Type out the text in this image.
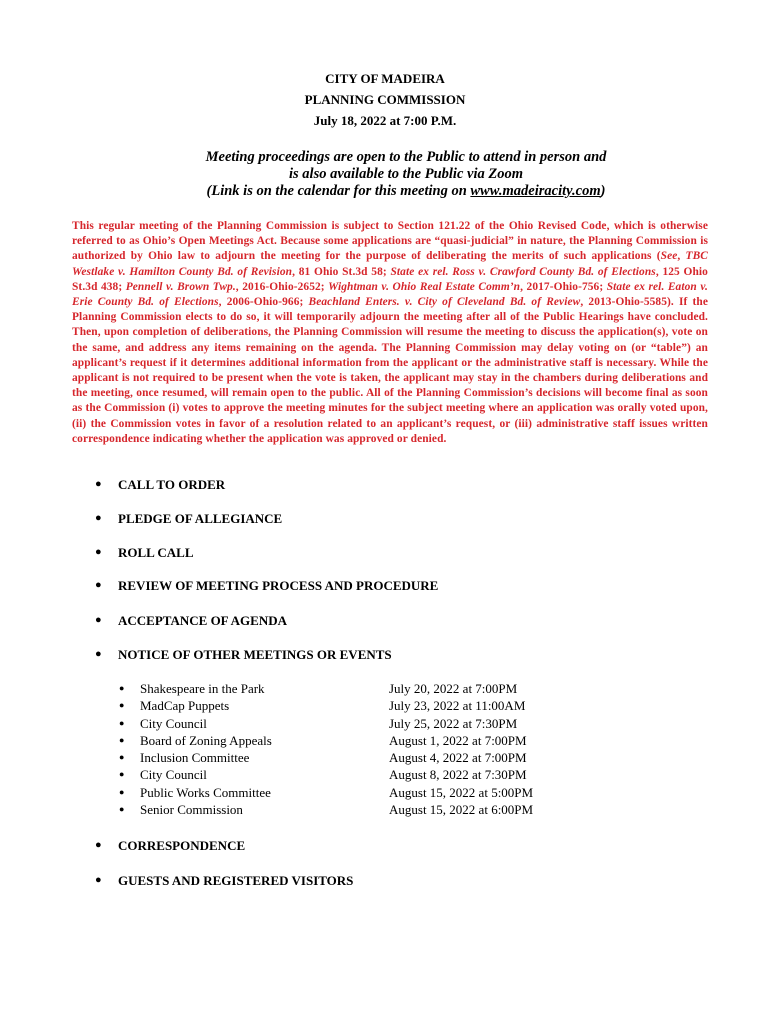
CITY OF MADEIRA
PLANNING COMMISSION
July 18, 2022 at 7:00 P.M.
Meeting proceedings are open to the Public to attend in person and
is also available to the Public via Zoom
(Link is on the calendar for this meeting on www.madeiracity.com)
This regular meeting of the Planning Commission is subject to Section 121.22 of the Ohio Revised Code, which is otherwise referred to as Ohio’s Open Meetings Act. Because some applications are “quasi-judicial” in nature, the Planning Commission is authorized by Ohio law to adjourn the meeting for the purpose of deliberating the merits of such applications (See, TBC Westlake v. Hamilton County Bd. of Revision, 81 Ohio St.3d 58; State ex rel. Ross v. Crawford County Bd. of Elections, 125 Ohio St.3d 438; Pennell v. Brown Twp., 2016-Ohio-2652; Wightman v. Ohio Real Estate Comm’n, 2017-Ohio-756; State ex rel. Eaton v. Erie County Bd. of Elections, 2006-Ohio-966; Beachland Enters. v. City of Cleveland Bd. of Review, 2013-Ohio-5585). If the Planning Commission elects to do so, it will temporarily adjourn the meeting after all of the Public Hearings have concluded. Then, upon completion of deliberations, the Planning Commission will resume the meeting to discuss the application(s), vote on the same, and address any items remaining on the agenda. The Planning Commission may delay voting on (or “table”) an applicant’s request if it determines additional information from the applicant or the administrative staff is necessary. While the applicant is not required to be present when the vote is taken, the applicant may stay in the chambers during deliberations and the meeting, once resumed, will remain open to the public. All of the Planning Commission’s decisions will become final as soon as the Commission (i) votes to approve the meeting minutes for the subject meeting where an application was orally voted upon, (ii) the Commission votes in favor of a resolution related to an applicant’s request, or (iii) administrative staff issues written correspondence indicating whether the application was approved or denied.
●	CALL TO ORDER
●	PLEDGE OF ALLEGIANCE
●	ROLL CALL
●	REVIEW OF MEETING PROCESS AND PROCEDURE
●	ACCEPTANCE OF AGENDA
●	NOTICE OF OTHER MEETINGS OR EVENTS
●	Shakespeare in the Park	July 20, 2022 at 7:00PM
●	MadCap Puppets	July 23, 2022 at 11:00AM
●	City Council	July 25, 2022 at 7:30PM
●	Board of Zoning Appeals	August 1, 2022 at 7:00PM
●	Inclusion Committee	August 4, 2022 at 7:00PM
●	City Council	August 8, 2022 at 7:30PM
●	Public Works Committee	August 15, 2022 at 5:00PM
●	Senior Commission	August 15, 2022 at 6:00PM
●	CORRESPONDENCE
●	GUESTS AND REGISTERED VISITORS
